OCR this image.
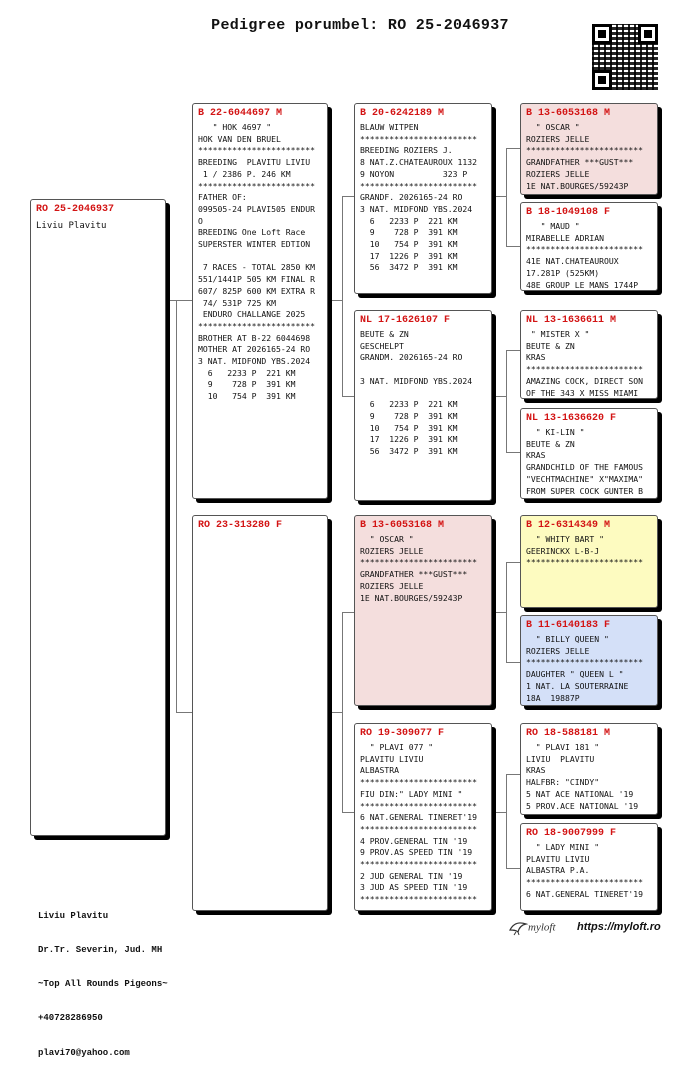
Pedigree porumbel: RO 25-2046937
RO 25-2046937
Liviu Plavitu
B 22-6044697 M
" HOK 4697 "
HOK VAN DEN BRUEL
************************
BREEDING  PLAVITU LIVIU
1 / 2386 P. 246 KM
************************
FATHER OF:
099505-24 PLAVI505 ENDUR
O
BREEDING One Loft Race
SUPERSTER WINTER EDTION

7 RACES - TOTAL 2850 KM
551/1441P 505 KM FINAL R
607/ 825P 600 KM EXTRA R
74/ 531P 725 KM
ENDURO CHALLANGE 2025
************************
BROTHER AT B-22 6044698
MOTHER AT 2026165-24 RO
3 NAT. MIDFOND YBS.2024
6   2233 P  221 KM
9    728 P  391 KM
10   754 P  391 KM
RO 23-313280 F
B 20-6242189 M
BLAUW WITPEN
************************
BREEDING ROZIERS J.
8 NAT.Z.CHATEAUROUX 1132
9 NOYON          323 P
************************
GRANDF. 2026165-24 RO
3 NAT. MIDFOND YBS.2024
6   2233 P  221 KM
9    728 P  391 KM
10   754 P  391 KM
17  1226 P  391 KM
56  3472 P  391 KM
NL 17-1626107 F
BEUTE & ZN
GESCHELPT
GRANDM. 2026165-24 RO

3 NAT. MIDFOND YBS.2024

6   2233 P  221 KM
9    728 P  391 KM
10   754 P  391 KM
17  1226 P  391 KM
56  3472 P  391 KM
B 13-6053168 M
" OSCAR "
ROZIERS JELLE
************************
GRANDFATHER ***GUST***
ROZIERS JELLE
1E NAT.BOURGES/59243P
RO 19-309077 F
" PLAVI 077 "
PLAVITU LIVIU
ALBASTRA
************************
FIU DIN:" LADY MINI "
************************
6 NAT.GENERAL TINERET'19
************************
4 PROV.GENERAL TIN '19
9 PROV.AS SPEED TIN '19
************************
2 JUD GENERAL TIN '19
3 JUD AS SPEED TIN '19
************************
B 13-6053168 M
" OSCAR "
ROZIERS JELLE
************************
GRANDFATHER ***GUST***
ROZIERS JELLE
1E NAT.BOURGES/59243P
B 18-1049108 F
" MAUD "
MIRABELLE ADRIAN
************************
41E NAT.CHATEAUROUX
17.281P (525KM)
48E GROUP LE MANS 1744P
NL 13-1636611 M
" MISTER X "
BEUTE & ZN
KRAS
************************
AMAZING COCK, DIRECT SON
OF THE 343 X MISS MIAMI
NL 13-1636620 F
" KI-LIN "
BEUTE & ZN
KRAS
GRANDCHILD OF THE FAMOUS
"VECHTMACHINE" X"MAXIMA"
FROM SUPER COCK GUNTER B
B 12-6314349 M
" WHITY BART "
GEERINCKX L-B-J
************************
B 11-6140183 F
" BILLY QUEEN "
ROZIERS JELLE
************************
DAUGHTER " QUEEN L "
1 NAT. LA SOUTERRAINE
18A  19887P
RO 18-588181 M
" PLAVI 181 "
LIVIU  PLAVITU
KRAS
HALFBR: "CINDY"
5 NAT ACE NATIONAL '19
5 PROV.ACE NATIONAL '19
RO 18-9007999 F
" LADY MINI "
PLAVITU LIVIU
ALBASTRA P.A.
************************
6 NAT.GENERAL TINERET'19

Liviu Plavitu

Dr.Tr. Severin, Jud. MH

~Top All Rounds Pigeons~

+40728286950

plavi70@yahoo.com

myloft https://myloft.ro
